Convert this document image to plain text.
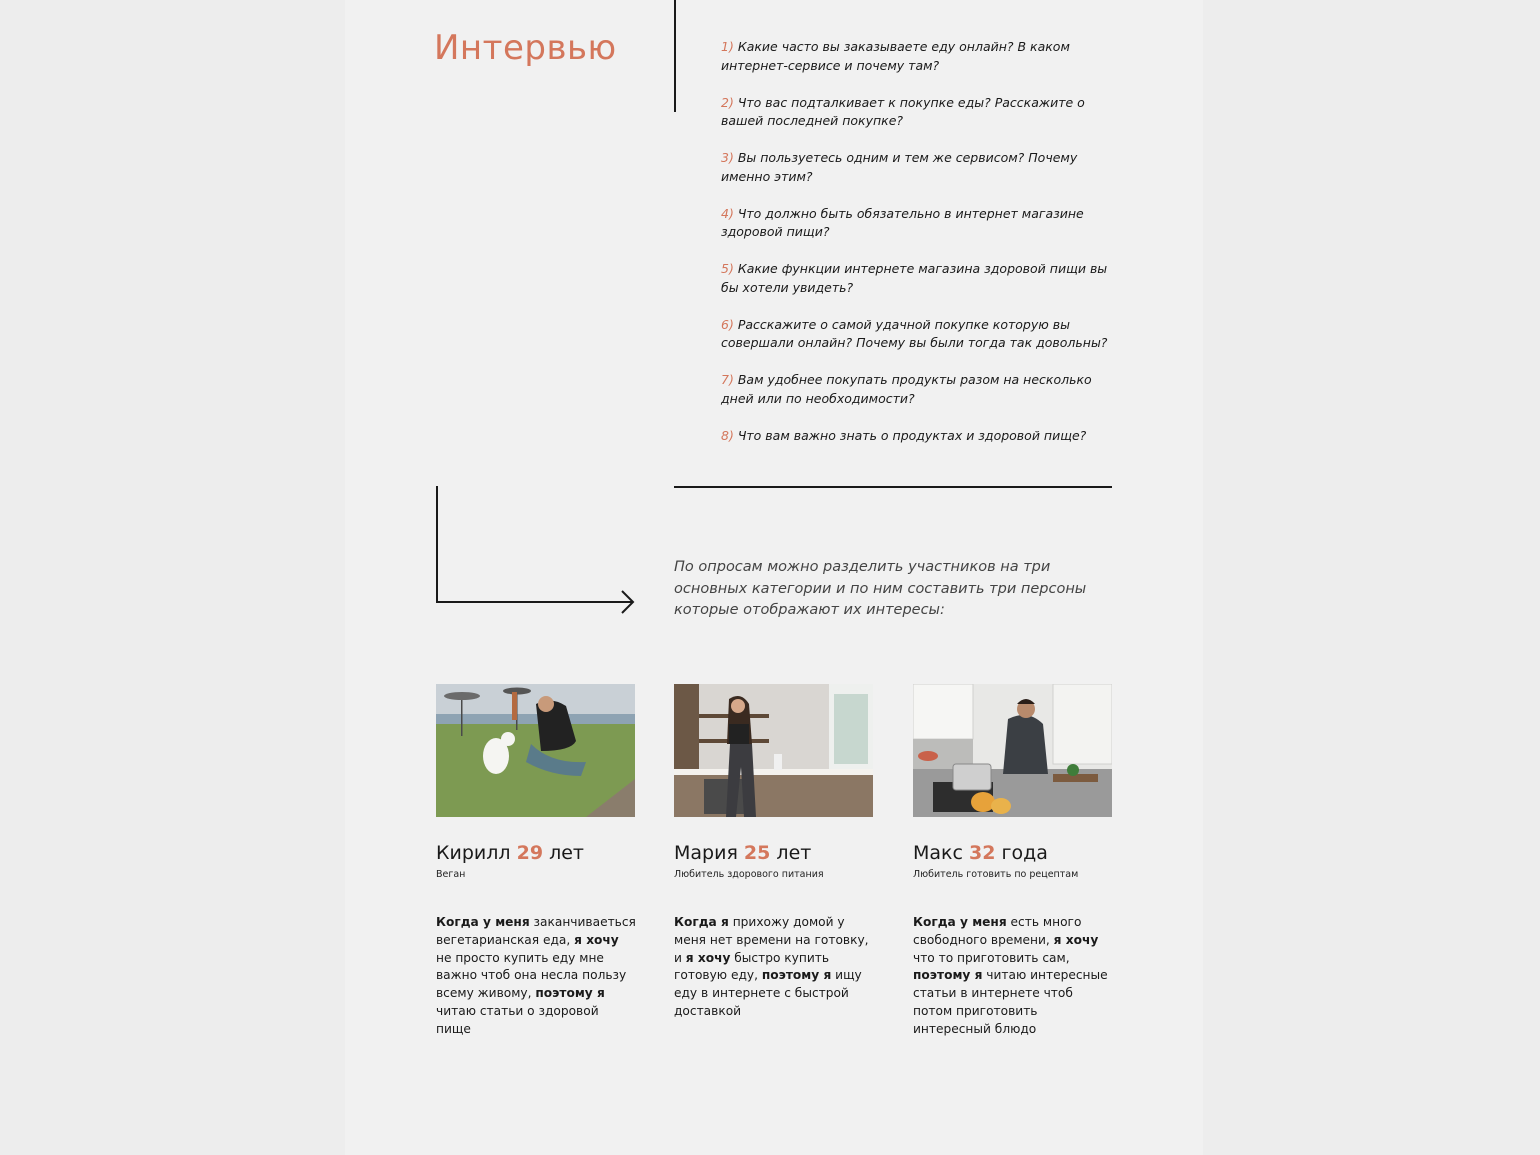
Интервью	1) Какие часто вы заказываете еду онлайн? В каком интернет-сервисе и почему там?

2) Что вас подталкивает к покупке еды? Расскажите о вашей последней покупке?

3) Вы пользуетесь одним и тем же сервисом? Почему именно этим?

4) Что должно быть обязательно в интернет магазине здоровой пищи?

5) Какие функции интернете магазина здоровой пищи вы бы хотели увидеть?

6) Расскажите о самой удачной покупке которую вы совершали онлайн? Почему вы были тогда так довольны?

7) Вам удобнее покупать продукты разом на несколько дней или по необходимости?

8) Что вам важно знать о продуктах и здоровой пище?

По опросам можно разделить участников на три основных категории и по ним составить три персоны которые отображают их интересы:

Кирилл 29 лет

Веган

Когда у меня заканчиваеться вегетарианская еда, я хочу не просто купить еду мне важно чтоб она несла пользу всему живому, поэтому я читаю статьи о здоровой пище

Мария 25 лет

Любитель здорового питания

Когда я прихожу домой у меня нет времени на готовку, и я хочу быстро купить готовую еду, поэтому я ищу еду в интернете с быстрой доставкой

Макс 32 года

Любитель готовить по рецептам

Когда у меня есть много свободного времени, я хочу что то приготовить сам, поэтому я читаю интересные статьи в интернете чтоб потом приготовить интересный блюдо
